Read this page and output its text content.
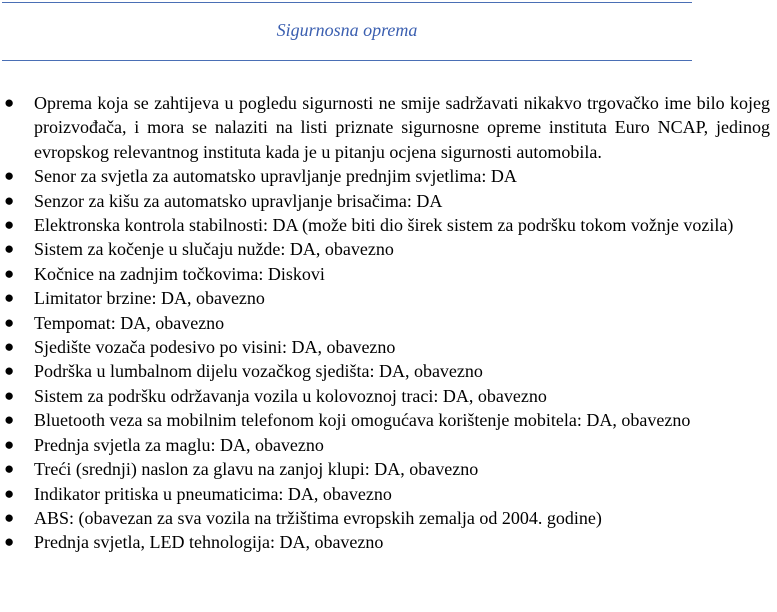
Sigurnosna oprema
● Oprema koja se zahtijeva u pogledu sigurnosti ne smije sadržavati nikakvo trgovačko ime bilo kojeg proizvođača, i mora se nalaziti na listi priznate sigurnosne opreme instituta Euro NCAP, jedinog evropskog relevantnog instituta kada je u pitanju ocjena sigurnosti automobila.
● Senor za svjetla za automatsko upravljanje prednjim svjetlima: DA
● Senzor za kišu za automatsko upravljanje brisačima: DA
● Elektronska kontrola stabilnosti: DA (može biti dio širek sistem za podršku tokom vožnje vozila)
● Sistem za kočenje u slučaju nužde: DA, obavezno
● Kočnice na zadnjim točkovima: Diskovi
● Limitator brzine: DA, obavezno
● Tempomat: DA, obavezno
● Sjedište vozača podesivo po visini: DA, obavezno
● Podrška u lumbalnom dijelu vozačkog sjedišta: DA, obavezno
● Sistem za podršku održavanja vozila u kolovoznoj traci: DA, obavezno
● Bluetooth veza sa mobilnim telefonom koji omogućava korištenje mobitela: DA, obavezno
● Prednja svjetla za maglu: DA, obavezno
● Treći (srednji) naslon za glavu na zanjoj klupi: DA, obavezno
● Indikator pritiska u pneumaticima: DA, obavezno
● ABS: (obavezan za sva vozila na tržištima evropskih zemalja od 2004. godine)
● Prednja svjetla, LED tehnologija: DA, obavezno
